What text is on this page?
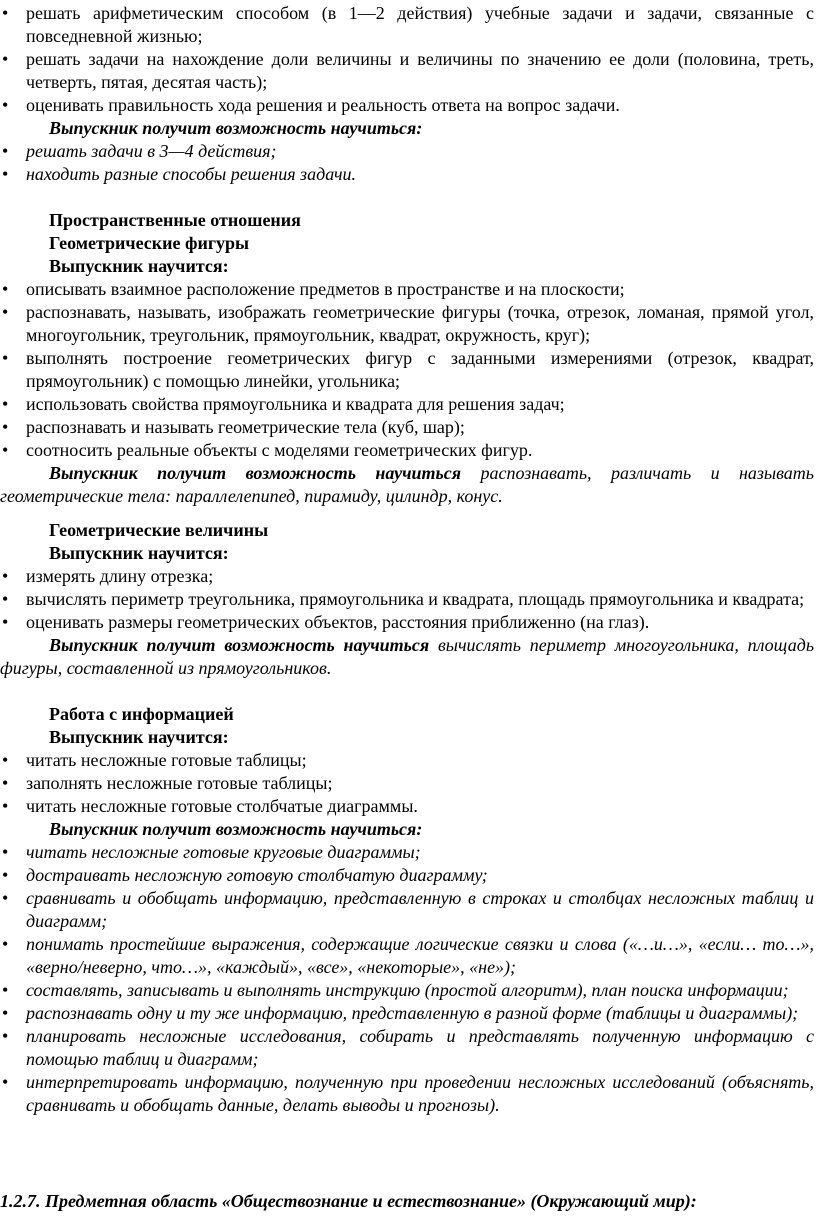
• решать арифметическим способом (в 1—2 действия) учебные задачи и задачи, связанные с повседневной жизнью;
• решать задачи на нахождение доли величины и величины по значению ее доли (половина, треть, четверть, пятая, десятая часть);
• оценивать правильность хода решения и реальность ответа на вопрос задачи.
Выпускник получит возможность научиться:
• решать задачи в 3—4 действия;
• находить разные способы решения задачи.
Пространственные отношения
Геометрические фигуры
Выпускник научится:
• описывать взаимное расположение предметов в пространстве и на плоскости;
• распознавать, называть, изображать геометрические фигуры (точка, отрезок, ломаная, прямой угол, многоугольник, треугольник, прямоугольник, квадрат, окружность, круг);
• выполнять построение геометрических фигур с заданными измерениями (отрезок, квадрат, прямоугольник) с помощью линейки, угольника;
• использовать свойства прямоугольника и квадрата для решения задач;
• распознавать и называть геометрические тела (куб, шар);
• соотносить реальные объекты с моделями геометрических фигур.
Выпускник получит возможность научиться распознавать, различать и называть геометрические тела: параллелепипед, пирамиду, цилиндр, конус.
Геометрические величины
Выпускник научится:
• измерять длину отрезка;
• вычислять периметр треугольника, прямоугольника и квадрата, площадь прямоугольника и квадрата;
• оценивать размеры геометрических объектов, расстояния приближенно (на глаз).
Выпускник получит возможность научиться вычислять периметр многоугольника, площадь фигуры, составленной из прямоугольников.
Работа с информацией
Выпускник научится:
• читать несложные готовые таблицы;
• заполнять несложные готовые таблицы;
• читать несложные готовые столбчатые диаграммы.
Выпускник получит возможность научиться:
• читать несложные готовые круговые диаграммы;
• достраивать несложную готовую столбчатую диаграмму;
• сравнивать и обобщать информацию, представленную в строках и столбцах несложных таблиц и диаграмм;
• понимать простейшие выражения, содержащие логические связки и слова («…и…», «если… то…», «верно/неверно, что…», «каждый», «все», «некоторые», «не»);
• составлять, записывать и выполнять инструкцию (простой алгоритм), план поиска информации;
• распознавать одну и ту же информацию, представленную в разной форме (таблицы и диаграммы);
• планировать несложные исследования, собирать и представлять полученную информацию с помощью таблиц и диаграмм;
• интерпретировать информацию, полученную при проведении несложных исследований (объяснять, сравнивать и обобщать данные, делать выводы и прогнозы).
1.2.7. Предметная область «Обществознание и естествознание» (Окружающий мир):
